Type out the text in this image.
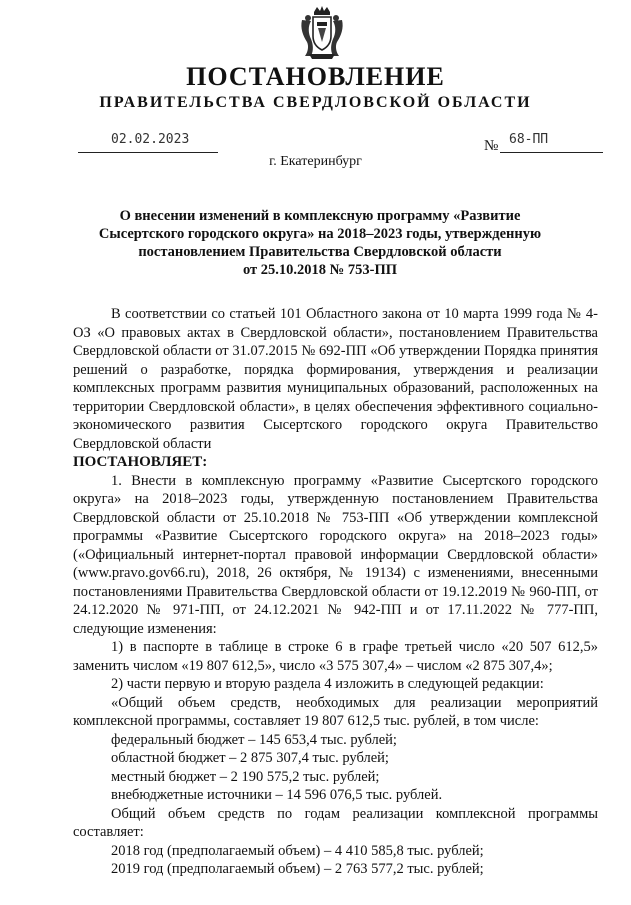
ПОСТАНОВЛЕНИЕ
ПРАВИТЕЛЬСТВА СВЕРДЛОВСКОЙ ОБЛАСТИ
02.02.2023	№ 68-ПП
г. Екатеринбург
О внесении изменений в комплексную программу «Развитие
Сысертского городского округа» на 2018–2023 годы, утвержденную
постановлением Правительства Свердловской области
от 25.10.2018 № 753-ПП

В соответствии со статьей 101 Областного закона от 10 марта 1999 года № 4-ОЗ «О правовых актах в Свердловской области», постановлением Правительства Свердловской области от 31.07.2015 № 692-ПП «Об утверждении Порядка принятия решений о разработке, порядка формирования, утверждения и реализации комплексных программ развития муниципальных образований, расположенных на территории Свердловской области», в целях обеспечения эффективного социально-экономического развития Сысертского городского округа Правительство Свердловской области

ПОСТАНОВЛЯЕТ:

1. Внести в комплексную программу «Развитие Сысертского городского округа» на 2018–2023 годы, утвержденную постановлением Правительства Свердловской области от 25.10.2018 № 753-ПП «Об утверждении комплексной программы «Развитие Сысертского городского округа» на 2018–2023 годы» («Официальный интернет-портал правовой информации Свердловской области» (www.pravo.gov66.ru), 2018, 26 октября, № 19134) с изменениями, внесенными постановлениями Правительства Свердловской области от 19.12.2019 № 960-ПП, от 24.12.2020 № 971-ПП, от 24.12.2021 № 942-ПП и от 17.11.2022 № 777-ПП, следующие изменения:

1) в паспорте в таблице в строке 6 в графе третьей число «20 507 612,5» заменить числом «19 807 612,5», число «3 575 307,4» – числом «2 875 307,4»;

2) части первую и вторую раздела 4 изложить в следующей редакции:

«Общий объем средств, необходимых для реализации мероприятий комплексной программы, составляет 19 807 612,5 тыс. рублей, в том числе:

федеральный бюджет – 145 653,4 тыс. рублей;

областной бюджет – 2 875 307,4 тыс. рублей;

местный бюджет – 2 190 575,2 тыс. рублей;

внебюджетные источники – 14 596 076,5 тыс. рублей.

Общий объем средств по годам реализации комплексной программы составляет:

2018 год (предполагаемый объем) – 4 410 585,8 тыс. рублей;

2019 год (предполагаемый объем) – 2 763 577,2 тыс. рублей;
